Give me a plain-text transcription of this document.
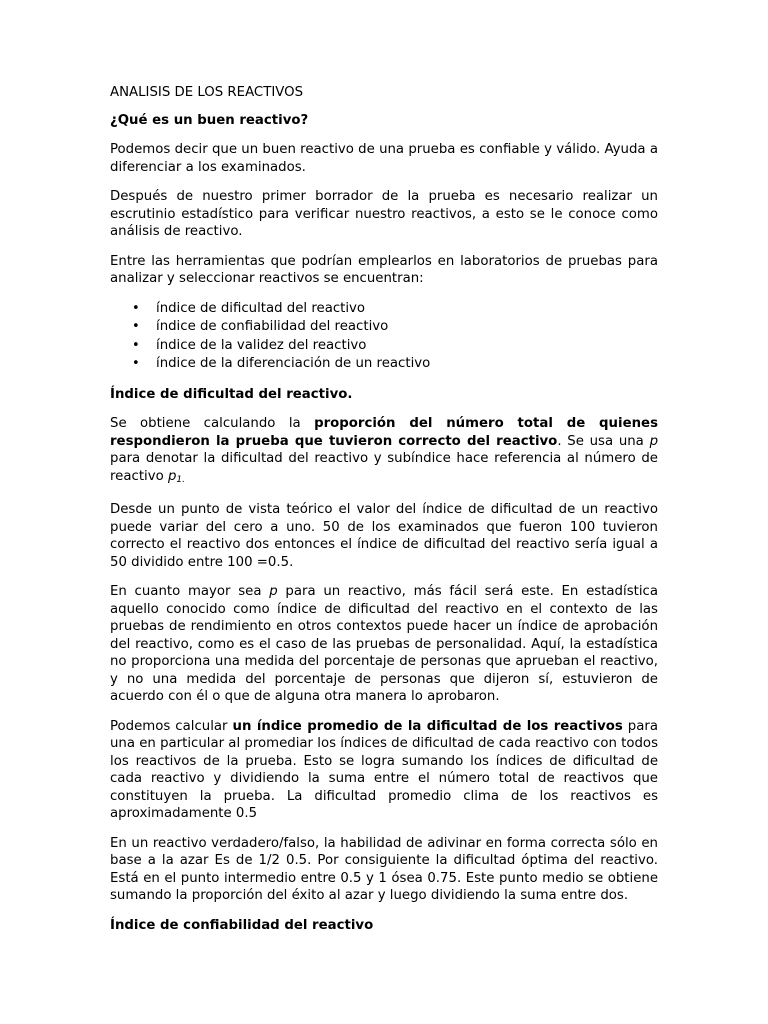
ANALISIS DE LOS REACTIVOS
¿Qué es un buen reactivo?
Podemos decir que un buen reactivo de una prueba es confiable y válido. Ayuda a diferenciar a los examinados.
Después de nuestro primer borrador de la prueba es necesario realizar un escrutinio estadístico para verificar nuestro reactivos, a esto se le conoce como análisis de reactivo.
Entre las herramientas que podrían emplearlos en laboratorios de pruebas para analizar y seleccionar reactivos se encuentran:
• índice de dificultad del reactivo
• índice de confiabilidad del reactivo
• índice de la validez del reactivo
• índice de la diferenciación de un reactivo
Índice de dificultad del reactivo.
Se obtiene calculando la proporción del número total de quienes respondieron la prueba que tuvieron correcto del reactivo. Se usa una p para denotar la dificultad del reactivo y subíndice hace referencia al número de reactivo $p_{1.}$
Desde un punto de vista teórico el valor del índice de dificultad de un reactivo puede variar del cero a uno. 50 de los examinados que fueron 100 tuvieron correcto el reactivo dos entonces el índice de dificultad del reactivo sería igual a 50 dividido entre 100 =0.5.
En cuanto mayor sea p para un reactivo, más fácil será este. En estadística aquello conocido como índice de dificultad del reactivo en el contexto de las pruebas de rendimiento en otros contextos puede hacer un índice de aprobación del reactivo, como es el caso de las pruebas de personalidad. Aquí, la estadística no proporciona una medida del porcentaje de personas que aprueban el reactivo, y no una medida del porcentaje de personas que dijeron sí, estuvieron de acuerdo con él o que de alguna otra manera lo aprobaron.
Podemos calcular un índice promedio de la dificultad de los reactivos para una en particular al promediar los índices de dificultad de cada reactivo con todos los reactivos de la prueba. Esto se logra sumando los índices de dificultad de cada reactivo y dividiendo la suma entre el número total de reactivos que constituyen la prueba. La dificultad promedio clima de los reactivos es aproximadamente 0.5
En un reactivo verdadero/falso, la habilidad de adivinar en forma correcta sólo en base a la azar Es de 1/2 0.5. Por consiguiente la dificultad óptima del reactivo. Está en el punto intermedio entre 0.5 y 1 ósea 0.75. Este punto medio se obtiene sumando la proporción del éxito al azar y luego dividiendo la suma entre dos.
Índice de confiabilidad del reactivo
